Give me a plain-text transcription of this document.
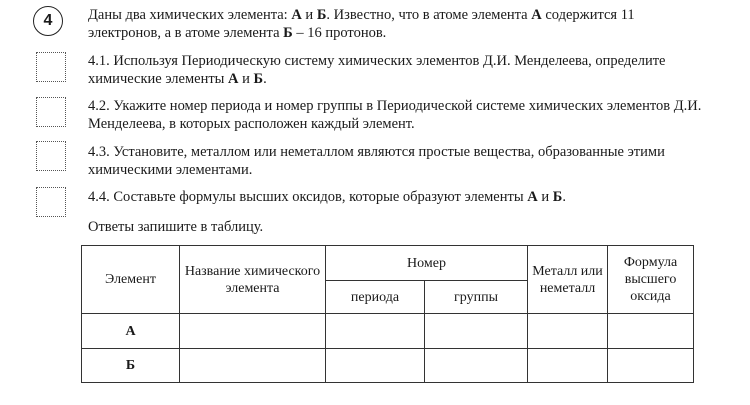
4 Даны два химических элемента: А и Б. Известно, что в атоме элемента А содержится 11 электронов, а в атоме элемента Б – 16 протонов.
4.1. Используя Периодическую систему химических элементов Д.И. Менделеева, определите химические элементы А и Б.
4.2. Укажите номер периода и номер группы в Периодической системе химических элементов Д.И. Менделеева, в которых расположен каждый элемент.
4.3. Установите, металлом или неметаллом являются простые вещества, образованные этими химическими элементами.
4.4. Составьте формулы высших оксидов, которые образуют элементы А и Б.
Ответы запишите в таблицу.
Элемент	Название химического элемента	Номер		Металл или неметалл	Формула высшего оксида
		периода	группы		
А					
Б					
